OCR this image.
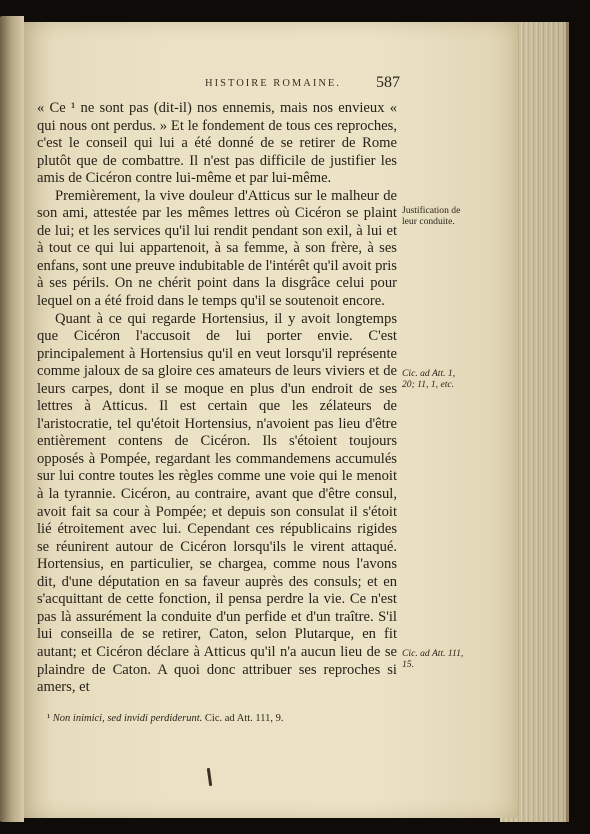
HISTOIRE ROMAINE.	587

« Ce ¹ ne sont pas (dit-il) nos ennemis, mais nos envieux « qui nous ont perdus. » Et le fondement de tous ces reproches, c'est le conseil qui lui a été donné de se retirer de Rome plutôt que de combattre. Il n'est pas difficile de justifier les amis de Cicéron contre lui-même et par lui-même.

Premièrement, la vive douleur d'Atticus sur le malheur de son ami, attestée par les mêmes lettres où Cicéron se plaint de lui; et les services qu'il lui rendit pendant son exil, à lui et à tout ce qui lui appartenoit, à sa femme, à son frère, à ses enfans, sont une preuve indubitable de l'intérêt qu'il avoit pris à ses périls. On ne chérit point dans la disgrâce celui pour lequel on a été froid dans le temps qu'il se soutenoit encore.

Quant à ce qui regarde Hortensius, il y avoit longtemps que Cicéron l'accusoit de lui porter envie. C'est principalement à Hortensius qu'il en veut lorsqu'il représente comme jaloux de sa gloire ces amateurs de leurs viviers et de leurs carpes, dont il se moque en plus d'un endroit de ses lettres à Atticus. Il est certain que les zélateurs de l'aristocratie, tel qu'étoit Hortensius, n'avoient pas lieu d'être entièrement contens de Cicéron. Ils s'étoient toujours opposés à Pompée, regardant les commandemens accumulés sur lui contre toutes les règles comme une voie qui le menoit à la tyrannie. Cicéron, au contraire, avant que d'être consul, avoit fait sa cour à Pompée; et depuis son consulat il s'étoit lié étroitement avec lui. Cependant ces républicains rigides se réunirent autour de Cicéron lorsqu'ils le virent attaqué. Hortensius, en particulier, se chargea, comme nous l'avons dit, d'une députation en sa faveur auprès des consuls; et en s'acquittant de cette fonction, il pensa perdre la vie. Ce n'est pas là assurément la conduite d'un perfide et d'un traître. S'il lui conseilla de se retirer, Caton, selon Plutarque, en fit autant; et Cicéron déclare à Atticus qu'il n'a aucun lieu de se plaindre de Caton. A quoi donc attribuer ses reproches si amers, et

Justification de leur conduite.
Cic. ad Att. 1, 20; 11, 1, etc.
Cic. ad Att. 111, 15.
¹ Non inimici, sed invidi perdiderunt. Cic. ad Att. 111, 9.
